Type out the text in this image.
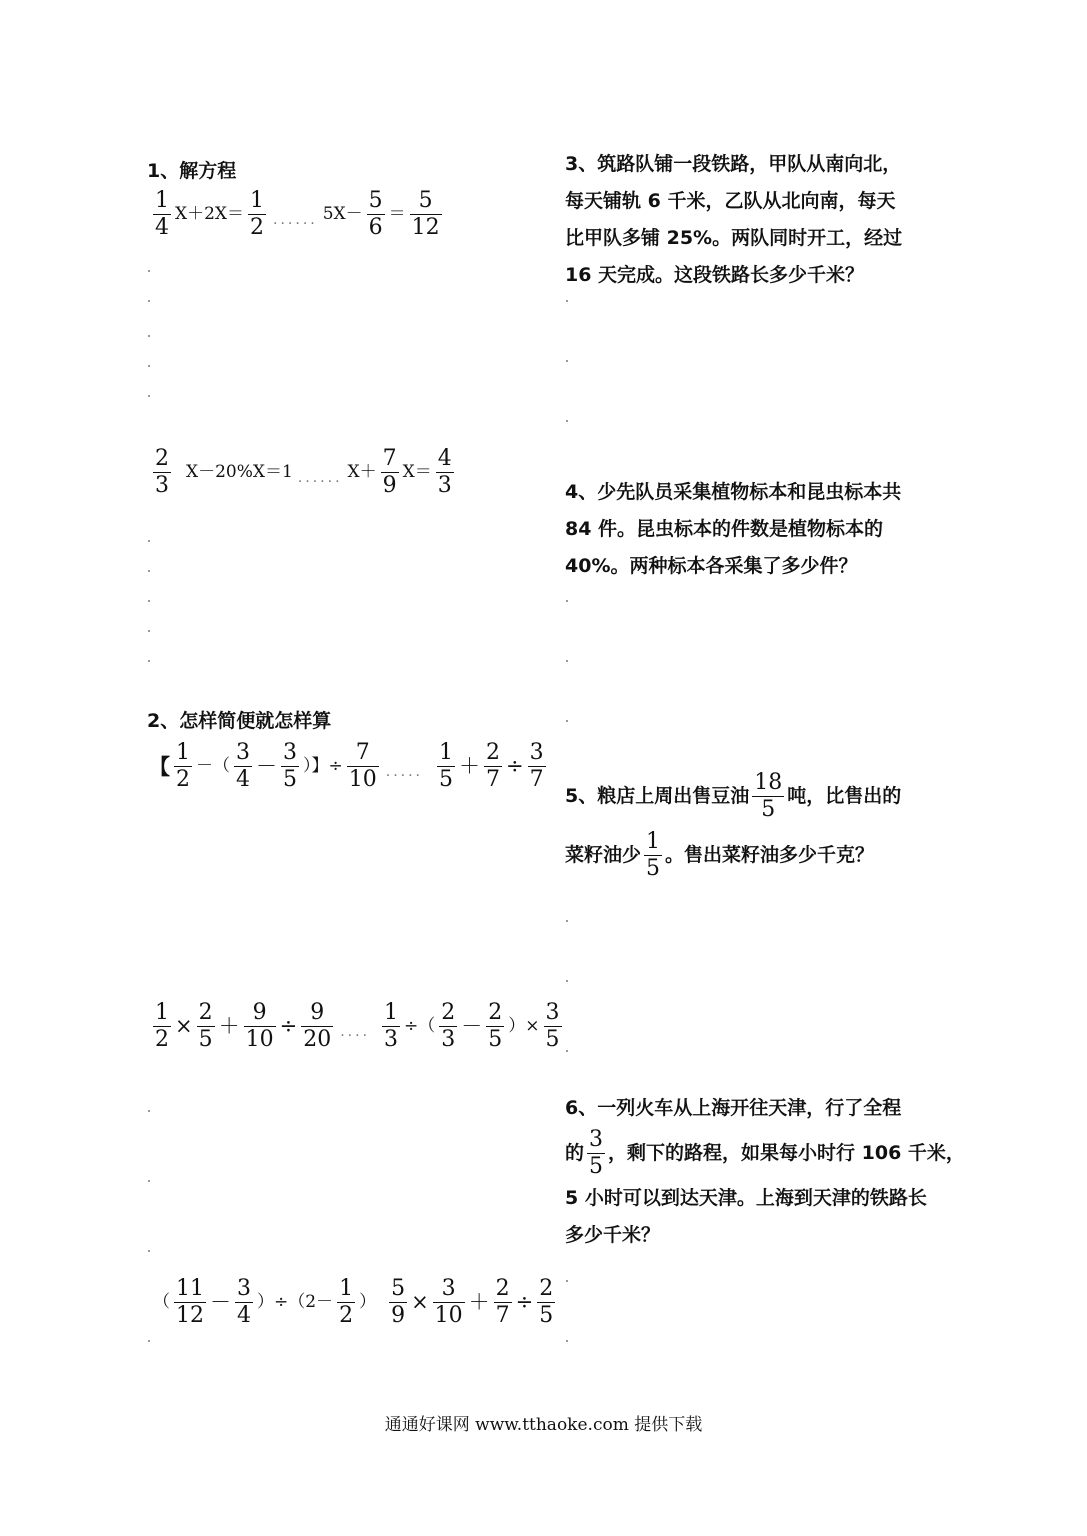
1、解方程
$\frac{1}{4} X+2X= \frac{1}{2}$ ...... $5X- \frac{5}{6} = \frac{5}{12}$
$\frac{2}{3} X-20\%X=1$ ...... $X+ \frac{7}{9} X= \frac{4}{3}$
2、怎样简便就怎样算
【 $\frac{1}{2}$ －（ $\frac{3}{4} - \frac{3}{5}$ ）】÷ $\frac{7}{10}$ ..... $\frac{1}{5} + \frac{2}{7} \div \frac{3}{7}$
$\frac{1}{2} \times \frac{2}{5} + \frac{9}{10} \div \frac{9}{20}$ .... $\frac{1}{3}$ ÷（ $\frac{2}{3} - \frac{2}{5}$ ）× $\frac{3}{5}$
（ $\frac{11}{12} - \frac{3}{4} )\div(2- \frac{1}{2}$ ） $\frac{5}{9} \times \frac{3}{10} + \frac{2}{7} \div \frac{2}{5}$
3、筑路队铺一段铁路，甲队从南向北，
每天铺轨 6 千米，乙队从北向南，每天
比甲队多铺 25%。两队同时开工，经过
16 天完成。这段铁路长多少千米？
4、少先队员采集植物标本和昆虫标本共
84 件。昆虫标本的件数是植物标本的
40%。两种标本各采集了多少件？
5、粮店上周出售豆油 $\frac{18}{5}$ 吨，比售出的
菜籽油少 $\frac{1}{5}$ 。售出菜籽油多少千克？
6、一列火车从上海开往天津，行了全程
的 $\frac{3}{5}$ ，剩下的路程，如果每小时行 106 千米，
5 小时可以到达天津。上海到天津的铁路长
多少千米？
通通好课网 www.tthaoke.com 提供下载
